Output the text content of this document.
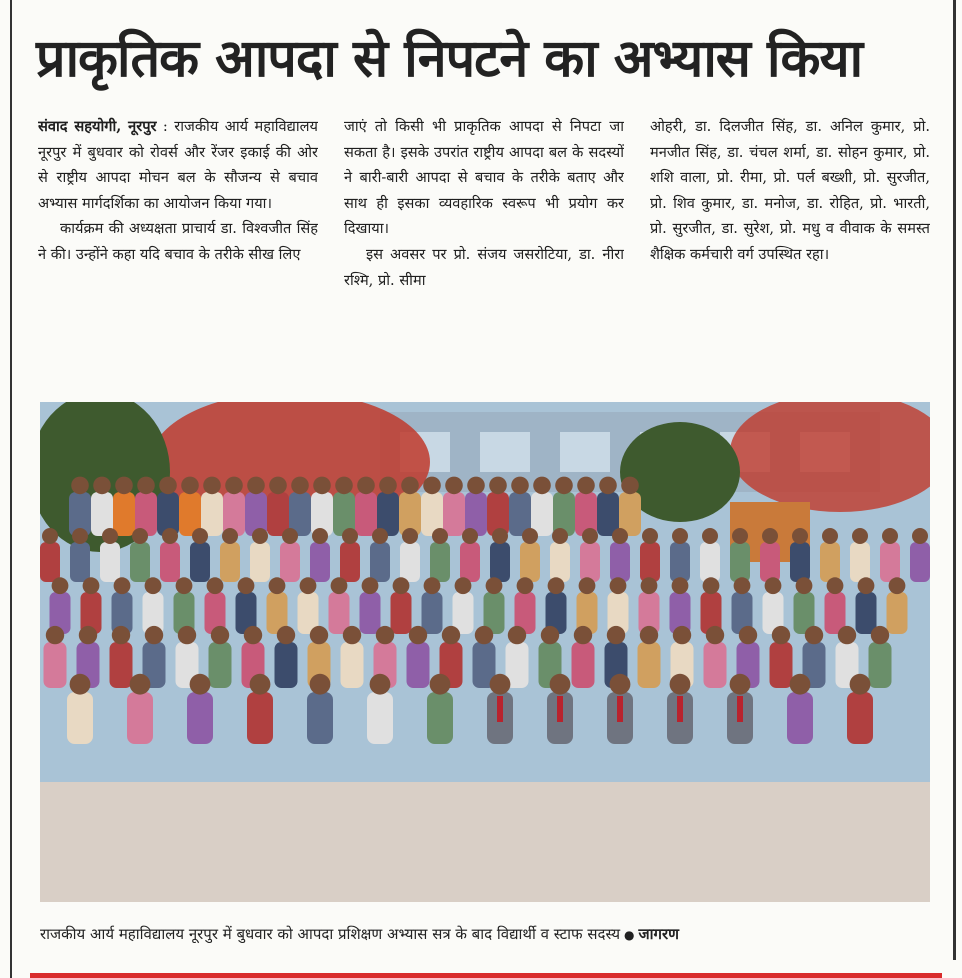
प्राकृतिक आपदा से निपटने का अभ्यास किया

संवाद सहयोगी, नूरपुर : राजकीय आर्य महाविद्यालय नूरपुर में बुधवार को रोवर्स और रेंजर इकाई की ओर से राष्ट्रीय आपदा मोचन बल के सौजन्य से बचाव अभ्यास मार्गदर्शिका का आयोजन किया गया।

कार्यक्रम की अध्यक्षता प्राचार्य डा. विश्वजीत सिंह ने की। उन्होंने कहा यदि बचाव के तरीके सीख लिए

जाएं तो किसी भी प्राकृतिक आपदा से निपटा जा सकता है। इसके उपरांत राष्ट्रीय आपदा बल के सदस्यों ने बारी-बारी आपदा से बचाव के तरीके बताए और साथ ही इसका व्यवहारिक स्वरूप भी प्रयोग कर दिखाया।

इस अवसर पर प्रो. संजय जसरोटिया, डा. नीरा रश्मि, प्रो. सीमा

ओहरी, डा. दिलजीत सिंह, डा. अनिल कुमार, प्रो. मनजीत सिंह, डा. चंचल शर्मा, डा. सोहन कुमार, प्रो. शशि वाला, प्रो. रीमा, प्रो. पर्ल बख्शी, प्रो. सुरजीत, प्रो. शिव कुमार, डा. मनोज, डा. रोहित, प्रो. भारती, प्रो. सुरजीत, डा. सुरेश, प्रो. मधु व वीवाक के समस्त शैक्षिक कर्मचारी वर्ग उपस्थित रहा।

राजकीय आर्य महाविद्यालय नूरपुर में बुधवार को आपदा प्रशिक्षण अभ्यास सत्र के बाद विद्यार्थी व स्टाफ सदस्य ● जागरण
